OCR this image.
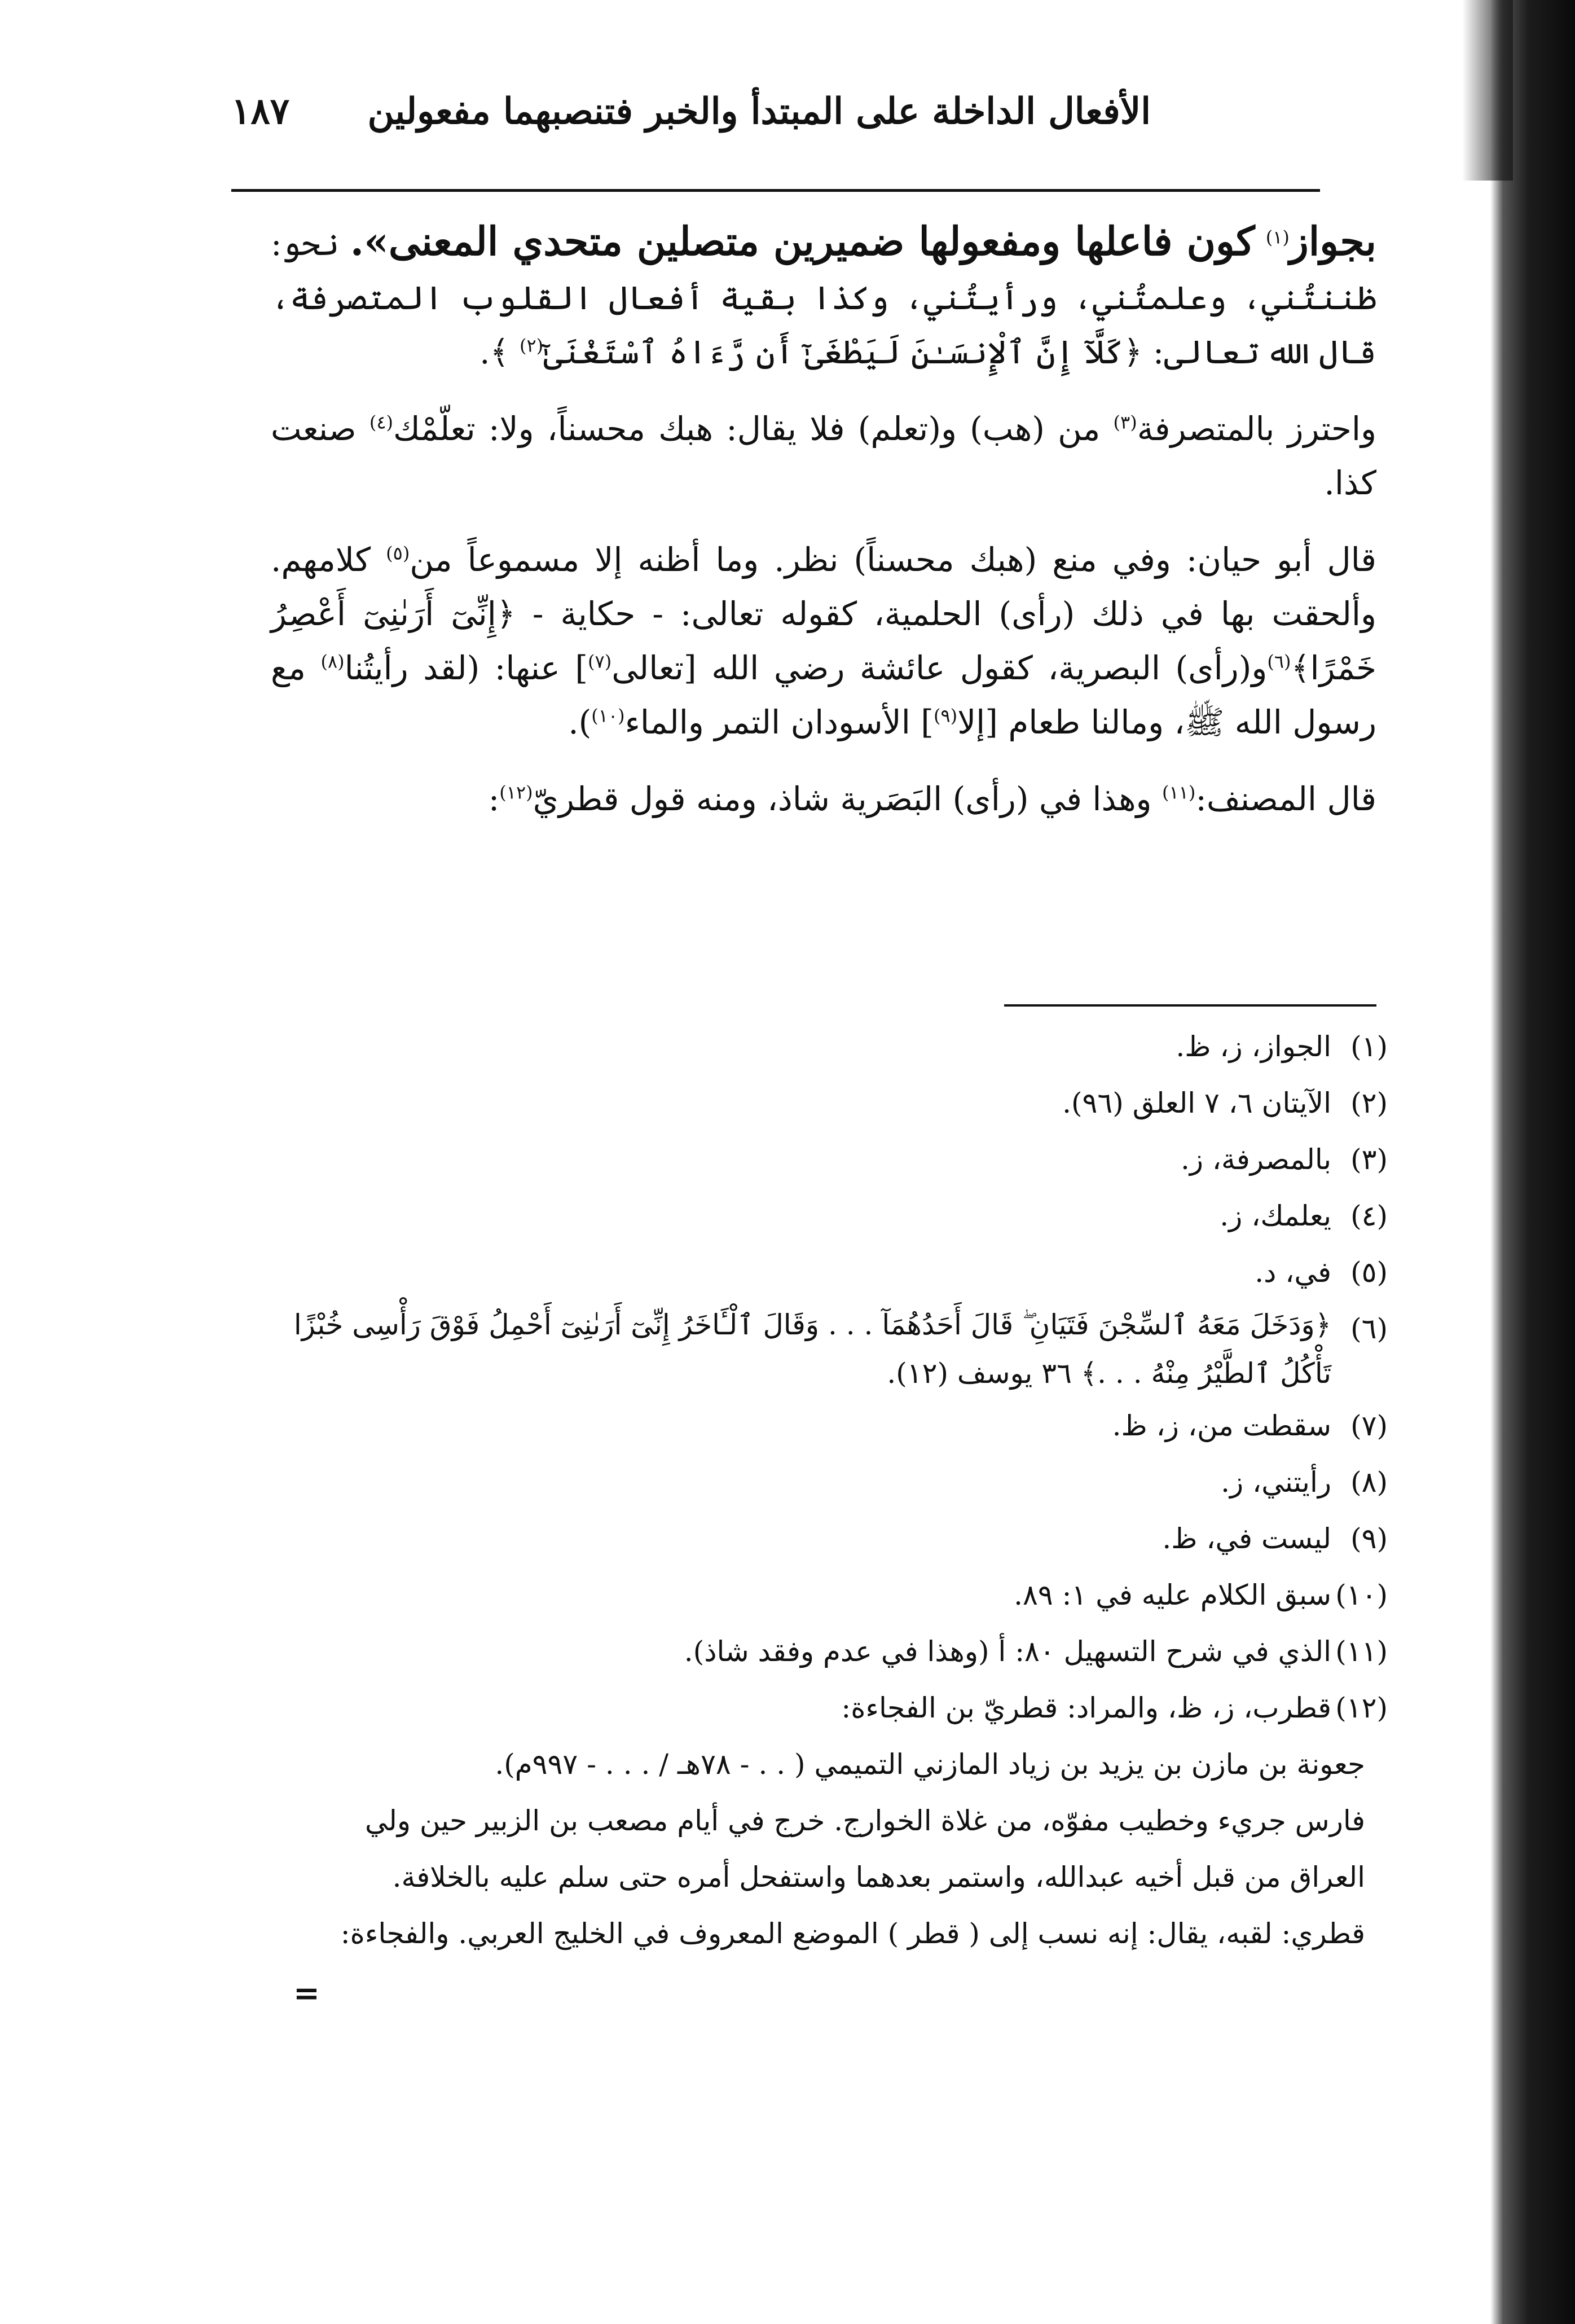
١٨٧ الأفعال الداخلة على المبتدأ والخبر فتنصبهما مفعولين

بجواز$^{(١)}$ كون فاعلها ومفعولها ضميرين متصلين متحدي المعنى». نحو: ظننتُني، وعلمتُني، ورأيتُني، وكذا بقية أفعال القلوب المتصرفة، قال الله تعالى: ﴿كَلَّآ إِنَّ ٱلْإِنسَـٰنَ لَيَطْغَىٰٓ أَن رَّءَاهُ ٱسْتَغْنَىٰٓ$^{(٢)}$ ﴾.

واحترز بالمتصرفة$^{(٣)}$ من (هب) و(تعلم) فلا يقال: هبك محسناً، ولا: تعلّمْك$^{(٤)}$ صنعت كذا.

قال أبو حيان: وفي منع (هبك محسناً) نظر. وما أظنه إلا مسموعاً من$^{(٥)}$ كلامهم. وألحقت بها في ذلك (رأى) الحلمية، كقوله تعالى: - حكاية - ﴿إِنِّىٓ أَرَىٰنِىٓ أَعْصِرُ خَمْرًا﴾$^{(٦)}$و(رأى) البصرية، كقول عائشة رضي الله [تعالى$^{(٧)}$] عنها: (لقد رأيتُنا$^{(٨)}$ مع رسول الله ﷺ، ومالنا طعام [إلا$^{(٩)}$] الأسودان التمر والماء$^{(١٠)}$).

قال المصنف:$^{(١١)}$ وهذا في (رأى) البَصَرية شاذ، ومنه قول قطريّ$^{(١٢)}$:

(١)
الجواز، ز، ظ.
(٢)
الآيتان ٦، ٧ العلق (٩٦).
(٣)
بالمصرفة، ز.
(٤)
يعلمك، ز.
(٥)
في، د.
(٦)
﴿وَدَخَلَ مَعَهُ ٱلسِّجْنَ فَتَيَانِ ۖ قَالَ أَحَدُهُمَآ . . . وَقَالَ ٱلْـَٔاخَرُ إِنِّىٓ أَرَىٰنِىٓ أَحْمِلُ فَوْقَ رَأْسِى خُبْزًا تَأْكُلُ ٱلطَّيْرُ مِنْهُ . . .﴾ ٣٦ يوسف (١٢).
(٧)
سقطت من، ز، ظ.
(٨)
رأيتني، ز.
(٩)
ليست في، ظ.
(١٠)
سبق الكلام عليه في ١: ٨٩.
(١١)
الذي في شرح التسهيل ٨٠: أ (وهذا في عدم وفقد شاذ).
(١٢)
قطرب، ز، ظ، والمراد: قطريّ بن الفجاءة:
جعونة بن مازن بن يزيد بن زياد المازني التميمي ( . . - ٧٨هـ / . . . - ٩٩٧م).
فارس جريء وخطيب مفوّه، من غلاة الخوارج. خرج في أيام مصعب بن الزبير حين ولي
العراق من قبل أخيه عبدالله، واستمر بعدهما واستفحل أمره حتى سلم عليه بالخلافة.
قطري: لقبه، يقال: إنه نسب إلى ( قطر ) الموضع المعروف في الخليج العربي. والفجاءة:
=
